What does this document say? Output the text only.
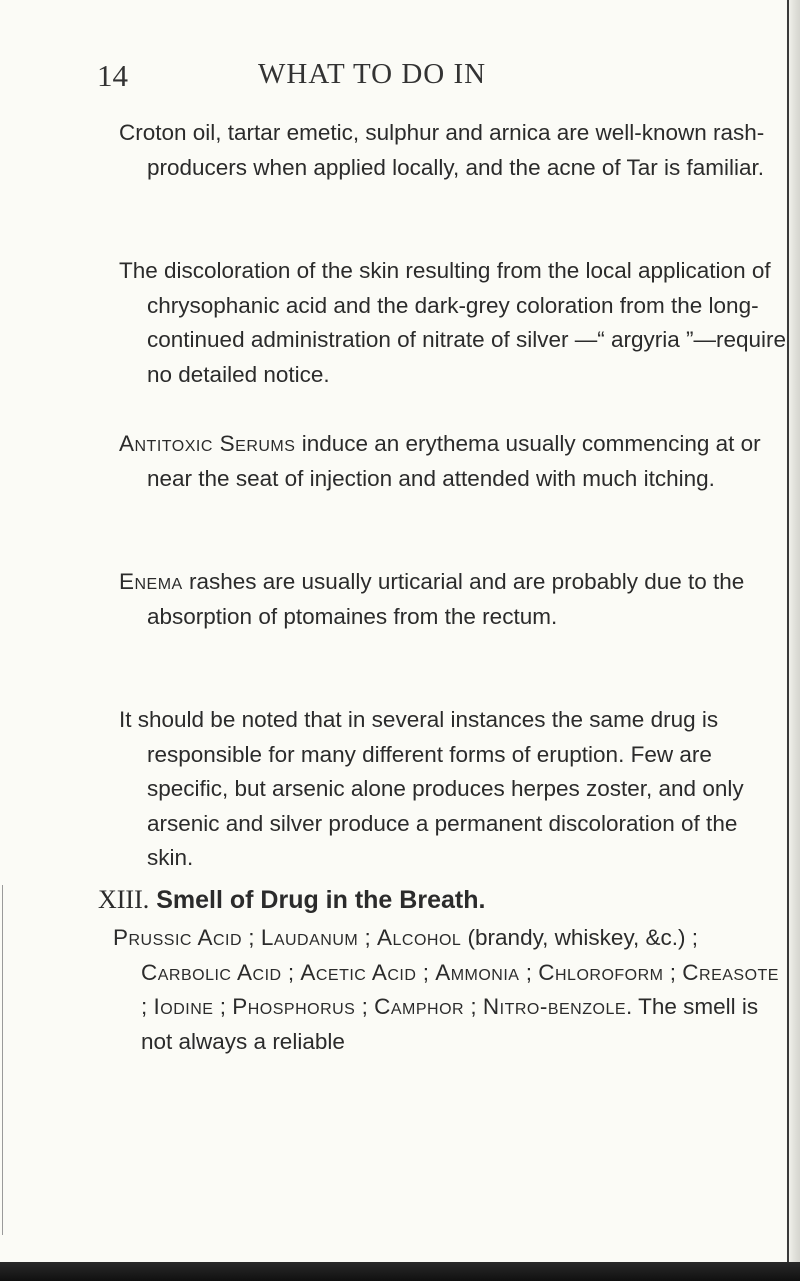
14	WHAT TO DO IN

Croton oil, tartar emetic, sulphur and arnica are well-known rash-producers when applied locally, and the acne of Tar is familiar.

The discoloration of the skin resulting from the local application of chrysophanic acid and the dark-grey coloration from the long-continued administration of nitrate of silver —“ argyria ”—require no detailed notice.

Antitoxic Serums induce an erythema usually commencing at or near the seat of injection and attended with much itching.

Enema rashes are usually urticarial and are probably due to the absorption of ptomaines from the rectum.

It should be noted that in several instances the same drug is responsible for many different forms of eruption. Few are specific, but arsenic alone produces herpes zoster, and only arsenic and silver produce a permanent discoloration of the skin.

XIII. Smell of Drug in the Breath.

Prussic Acid ; Laudanum ; Alcohol (brandy, whiskey, &c.) ; Carbolic Acid ; Acetic Acid ; Ammonia ; Chloroform ; Creasote ; Iodine ; Phosphorus ; Camphor ; Nitro-benzole. The smell is not always a reliable
